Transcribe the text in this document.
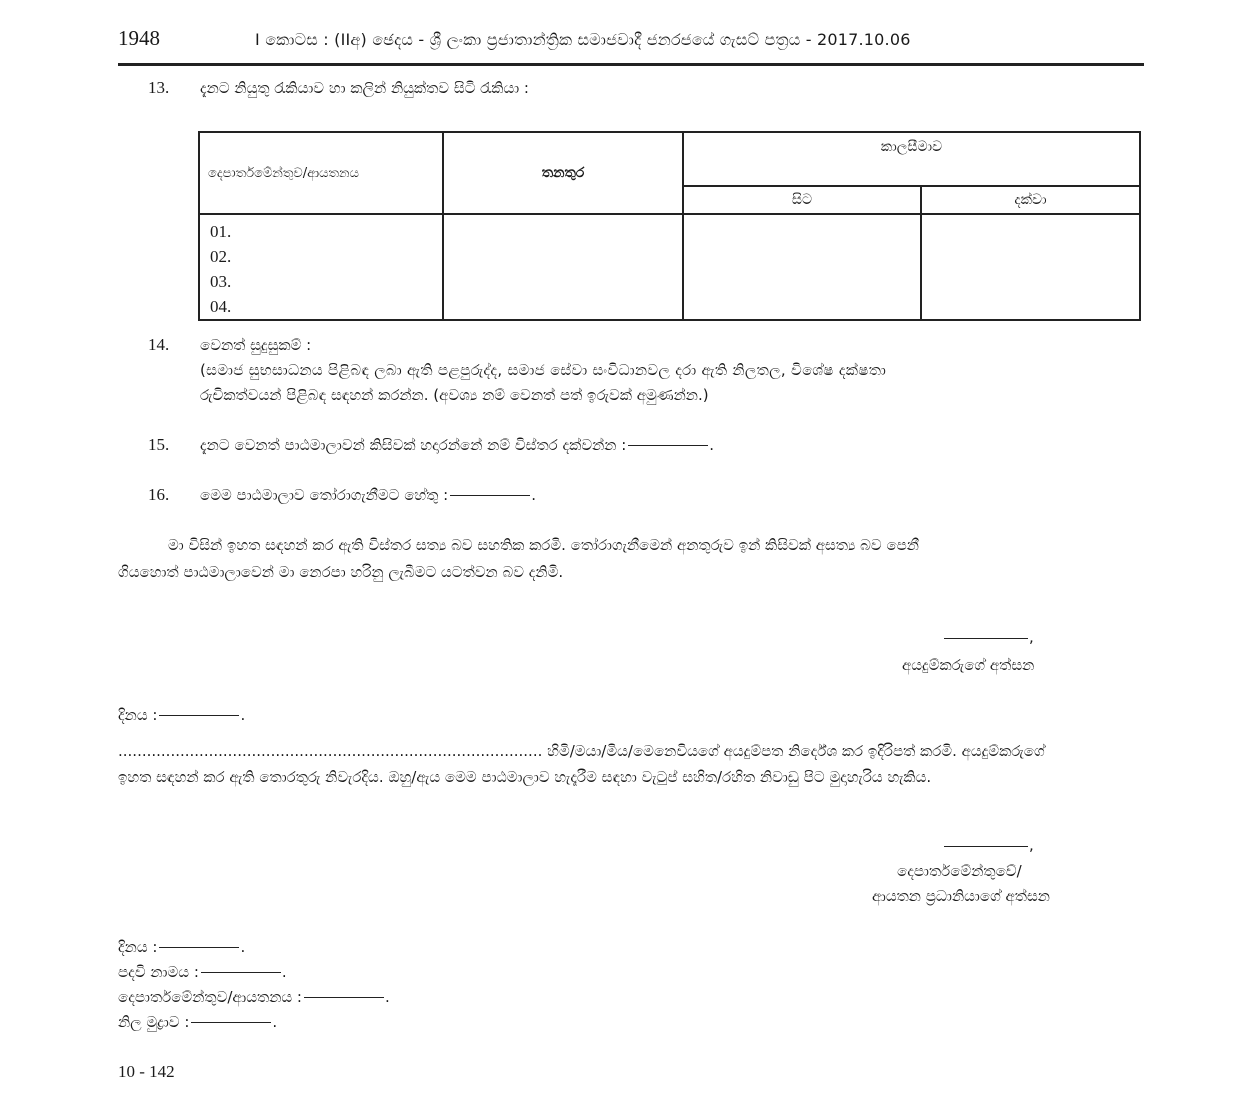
1948	I කොටස : (IIඅ) ඡෙදය - ශ්‍රී ලංකා ප්‍රජාතාන්ත්‍රික සමාජවාදී ජනරජයේ ගැසට් පත්‍රය - 2017.10.06
13. දැනට නියුතු රැකියාව හා කලින් නියුක්තව සිටි රැකියා :
දෙපාර්තමේන්තුව/ආයතනය	තනතුර	කාලසීමාව	
		සිට	දක්වා

01.
02.
03.
04.			

14. වෙනත් සුදුසුකම් :
(සමාජ සුභසාධනය පිළිබඳ ලබා ඇති පළපුරුද්ද, සමාජ සේවා සංවිධානවල දරා ඇති නිලතල, විශේෂ දක්ෂතා
රුචිකත්වයන් පිළිබඳ සඳහන් කරන්න. (අවශ්‍ය නම් වෙනත් පත් ඉරුවක් අමුණන්න.)
15. දැනට වෙනත් පාඨමාලාවන් කිසිවක් හදාරන්නේ නම් විස්තර දක්වන්න :	.
16. මෙම පාඨමාලාව තෝරාගැනීමට හේතු :	.
මා විසින් ඉහත සඳහන් කර ඇති විස්තර සත්‍ය බව සහතික කරමි. තෝරාගැනීමෙන් අනතුරුව ඉන් කිසිවක් අසත්‍ය බව පෙනී
ගියහොත් පාඨමාලාවෙන් මා නෙරපා හරිනු ලැබීමට යටත්වන බව දනිමි.
,
අයදුම්කරුගේ අත්සන
දිනය :	.
......................................................................................... හිමි/මයා/මිය/මෙනෙවියගේ අයදුම්පත නිර්දේශ කර ඉදිරිපත් කරමි. අයදුම්කරුගේ
ඉහත සඳහන් කර ඇති තොරතුරු නිවැරදිය. ඔහු/ඇය මෙම පාඨමාලාව හැදෑරීම සඳහා වැටුප් සහිත/රහිත නිවාඩු පිට මුදාහැරිය හැකිය.
,
දෙපාර්තමේන්තුවේ/
ආයතන ප්‍රධානියාගේ අත්සන
දිනය :	.
පදවි නාමය :	.
දෙපාර්තමේන්තුව/ආයතනය :	.
නිල මුද්‍රාව :	.
10 - 142
